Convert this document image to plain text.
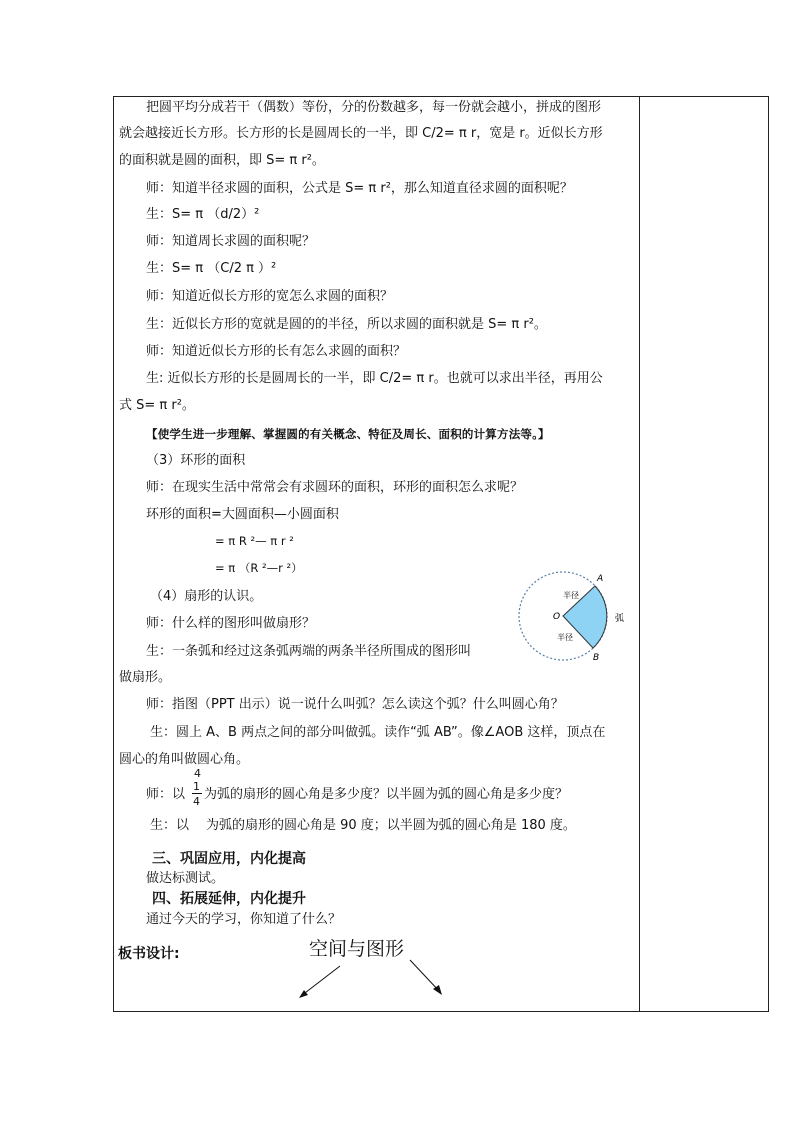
把圆平均分成若干（偶数）等份，分的份数越多，每一份就会越小，拼成的图形
就会越接近长方形。长方形的长是圆周长的一半，即 C/2= π r，宽是 r。近似长方形
的面积就是圆的面积，即 S= π r²。
师：知道半径求圆的面积，公式是 S= π r²，那么知道直径求圆的面积呢？
生：S= π （d/2）²
师：知道周长求圆的面积呢？
生：S= π （C/2 π ）²
师：知道近似长方形的宽怎么求圆的面积？
生：近似长方形的宽就是圆的的半径，所以求圆的面积就是 S= π r²。
师：知道近似长方形的长有怎么求圆的面积？
生: 近似长方形的长是圆周长的一半，即 C/2= π r。也就可以求出半径，再用公
式 S= π r²。
【使学生进一步理解、掌握圆的有关概念、特征及周长、面积的计算方法等。】
（3）环形的面积
师：在现实生活中常常会有求圆环的面积，环形的面积怎么求呢？
环形的面积=大圆面积—小圆面积
= π R ²— π r ²
= π （R ²—r ²）
（4）扇形的认识。
师：什么样的图形叫做扇形？
生：一条弧和经过这条弧两端的两条半径所围成的图形叫
做扇形。
师：指图（PPT 出示）说一说什么叫弧？怎么读这个弧？什么叫圆心角？
生：圆上 A、B 两点之间的部分叫做弧。读作“弧 AB”。像∠AOB 这样，顶点在
圆心的角叫做圆心角。
4
师：以
1
4 为弧的扇形的圆心角是多少度？以半圆为弧的圆心角是多少度？
生：以 为弧的扇形的圆心角是 90 度；以半圆为弧的圆心角是 180 度。
三、巩固应用，内化提高
做达标测试。
四、拓展延伸，内化提升
通过今天的学习，你知道了什么？
板书设计:	空间与图形
O
A
B
半径
半径
弧
